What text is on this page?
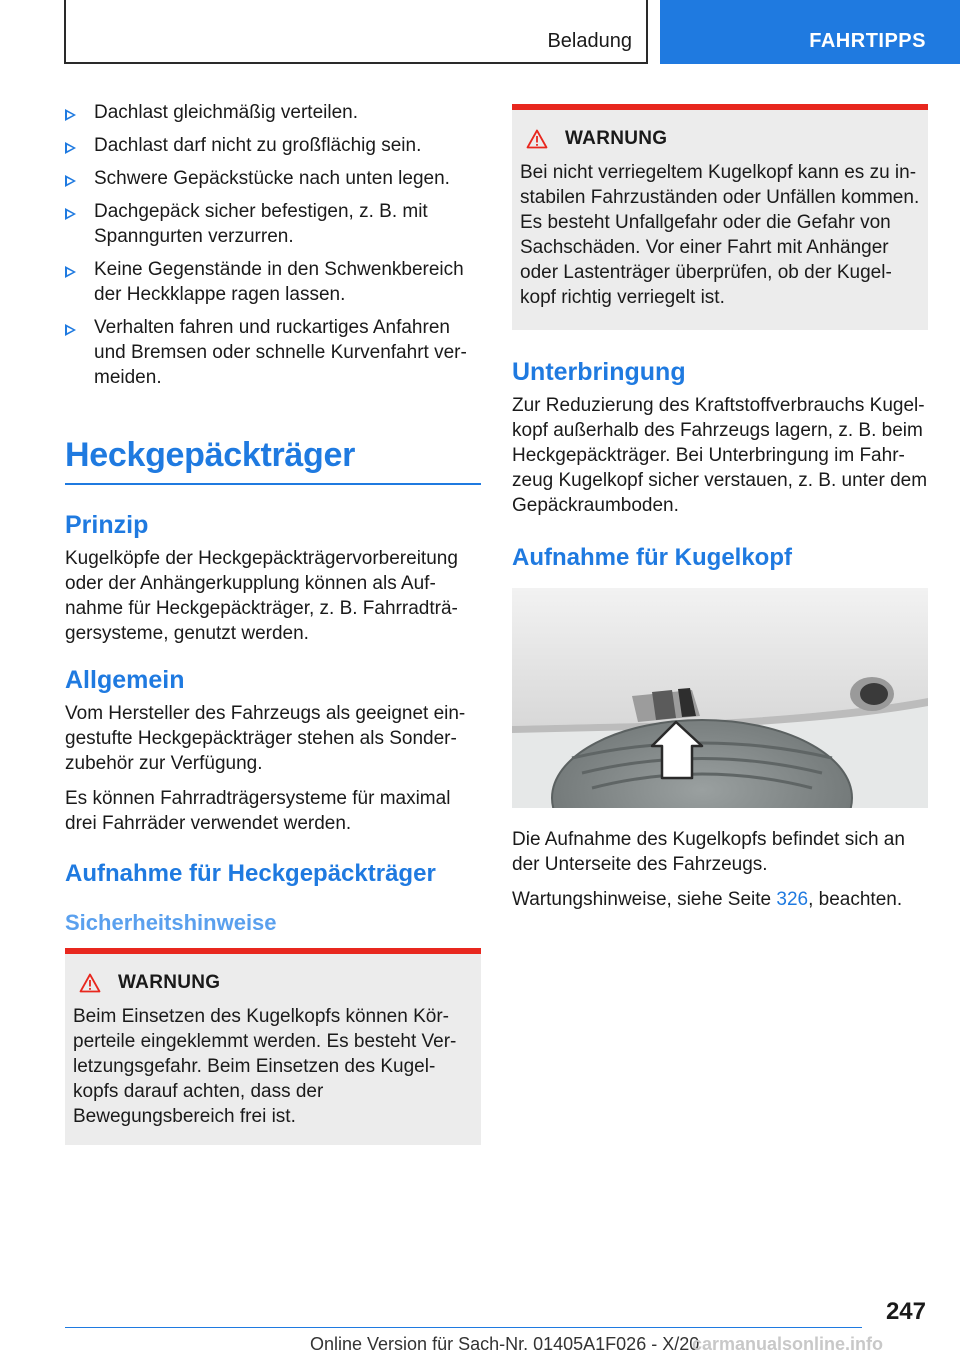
Beladung	FAHRTIPPS
Dachlast gleichmäßig verteilen.
Dachlast darf nicht zu großflächig sein.
Schwere Gepäckstücke nach unten legen.
Dachgepäck sicher befestigen, z. B. mit Spanngurten verzurren.
Keine Gegenstände in den Schwenkbereich der Heckklappe ragen lassen.
Verhalten fahren und ruckartiges Anfahren und Bremsen oder schnelle Kurvenfahrt ver‐ meiden.
Heckgepäckträger
Prinzip

Kugelköpfe der Heckgepäckträgervorbereitung oder der Anhängerkupplung können als Auf‐ nahme für Heckgepäckträger, z. B. Fahrradträ‐ gersysteme, genutzt werden.

Allgemein

Vom Hersteller des Fahrzeugs als geeignet ein‐ gestufte Heckgepäckträger stehen als Sonder‐ zubehör zur Verfügung.

Es können Fahrradträgersysteme für maximal drei Fahrräder verwendet werden.

Aufnahme für Heckgepäckträger
Sicherheitshinweise
WARNUNG

Beim Einsetzen des Kugelkopfs können Kör‐ perteile eingeklemmt werden. Es besteht Ver‐ letzungsgefahr. Beim Einsetzen des Kugel‐ kopfs darauf achten, dass der Bewegungsbereich frei ist.

WARNUNG

Bei nicht verriegeltem Kugelkopf kann es zu in‐ stabilen Fahrzuständen oder Unfällen kommen. Es besteht Unfallgefahr oder die Gefahr von Sachschäden. Vor einer Fahrt mit Anhänger oder Lastenträger überprüfen, ob der Kugel‐ kopf richtig verriegelt ist.

Unterbringung

Zur Reduzierung des Kraftstoffverbrauchs Kugel‐ kopf außerhalb des Fahrzeugs lagern, z. B. beim Heckgepäckträger. Bei Unterbringung im Fahr‐ zeug Kugelkopf sicher verstauen, z. B. unter dem Gepäckraumboden.

Aufnahme für Kugelkopf

Die Aufnahme des Kugelkopfs befindet sich an der Unterseite des Fahrzeugs.

Wartungshinweise, siehe Seite 326, beachten.

247
Online Version für Sach-Nr. 01405A1F026 - X/20
carmanualsonline.info
